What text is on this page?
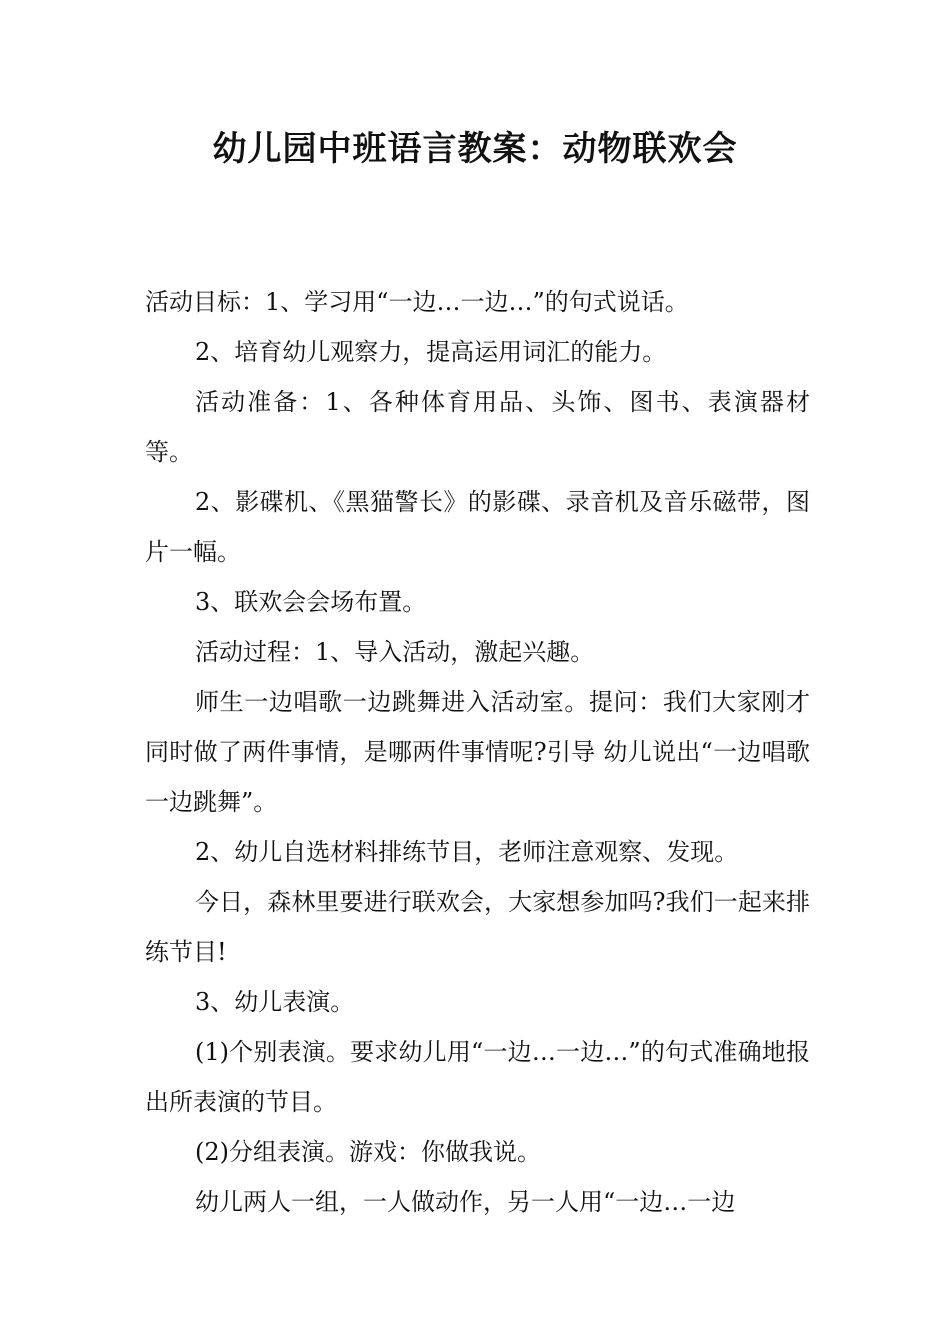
幼儿园中班语言教案：动物联欢会

活动目标：1、学习用“一边…一边…”的句式说话。

2、培育幼儿观察力，提高运用词汇的能力。

活动准备：1、各种体育用品、头饰、图书、表演器材等。

2、影碟机、《黑猫警长》的影碟、录音机及音乐磁带，图片一幅。

3、联欢会会场布置。

活动过程：1、导入活动，激起兴趣。

师生一边唱歌一边跳舞进入活动室。提问：我们大家刚才同时做了两件事情，是哪两件事情呢?引导 幼儿说出“一边唱歌一边跳舞”。

2、幼儿自选材料排练节目，老师注意观察、发现。

今日，森林里要进行联欢会，大家想参加吗?我们一起来排练节目!

3、幼儿表演。

(1)个别表演。要求幼儿用“一边…一边…”的句式准确地报出所表演的节目。

(2)分组表演。游戏：你做我说。

幼儿两人一组，一人做动作，另一人用“一边…一边
